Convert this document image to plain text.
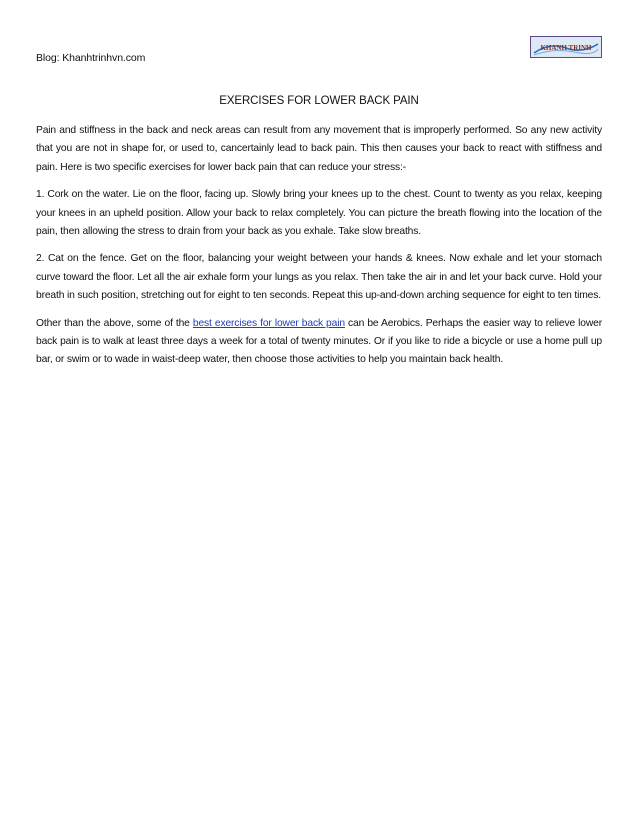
Blog: Khanhtrinhvn.com
KHANH TRINH
EXERCISES FOR LOWER BACK PAIN

Pain and stiffness in the back and neck areas can result from any movement that is improperly performed. So any new activity that you are not in shape for, or used to, cancertainly lead to back pain. This then causes your back to react with stiffness and pain. Here is two specific exercises for lower back pain that can reduce your stress:-

1. Cork on the water. Lie on the floor, facing up. Slowly bring your knees up to the chest. Count to twenty as you relax, keeping your knees in an upheld position. Allow your back to relax completely. You can picture the breath flowing into the location of the pain, then allowing the stress to drain from your back as you exhale. Take slow breaths.

2. Cat on the fence. Get on the floor, balancing your weight between your hands & knees. Now exhale and let your stomach curve toward the floor. Let all the air exhale form your lungs as you relax. Then take the air in and let your back curve. Hold your breath in such position, stretching out for eight to ten seconds. Repeat this up-and-down arching sequence for eight to ten times.

Other than the above, some of the best exercises for lower back pain can be Aerobics. Perhaps the easier way to relieve lower back pain is to walk at least three days a week for a total of twenty minutes. Or if you like to ride a bicycle or use a home pull up bar, or swim or to wade in waist-deep water, then choose those activities to help you maintain back health.
